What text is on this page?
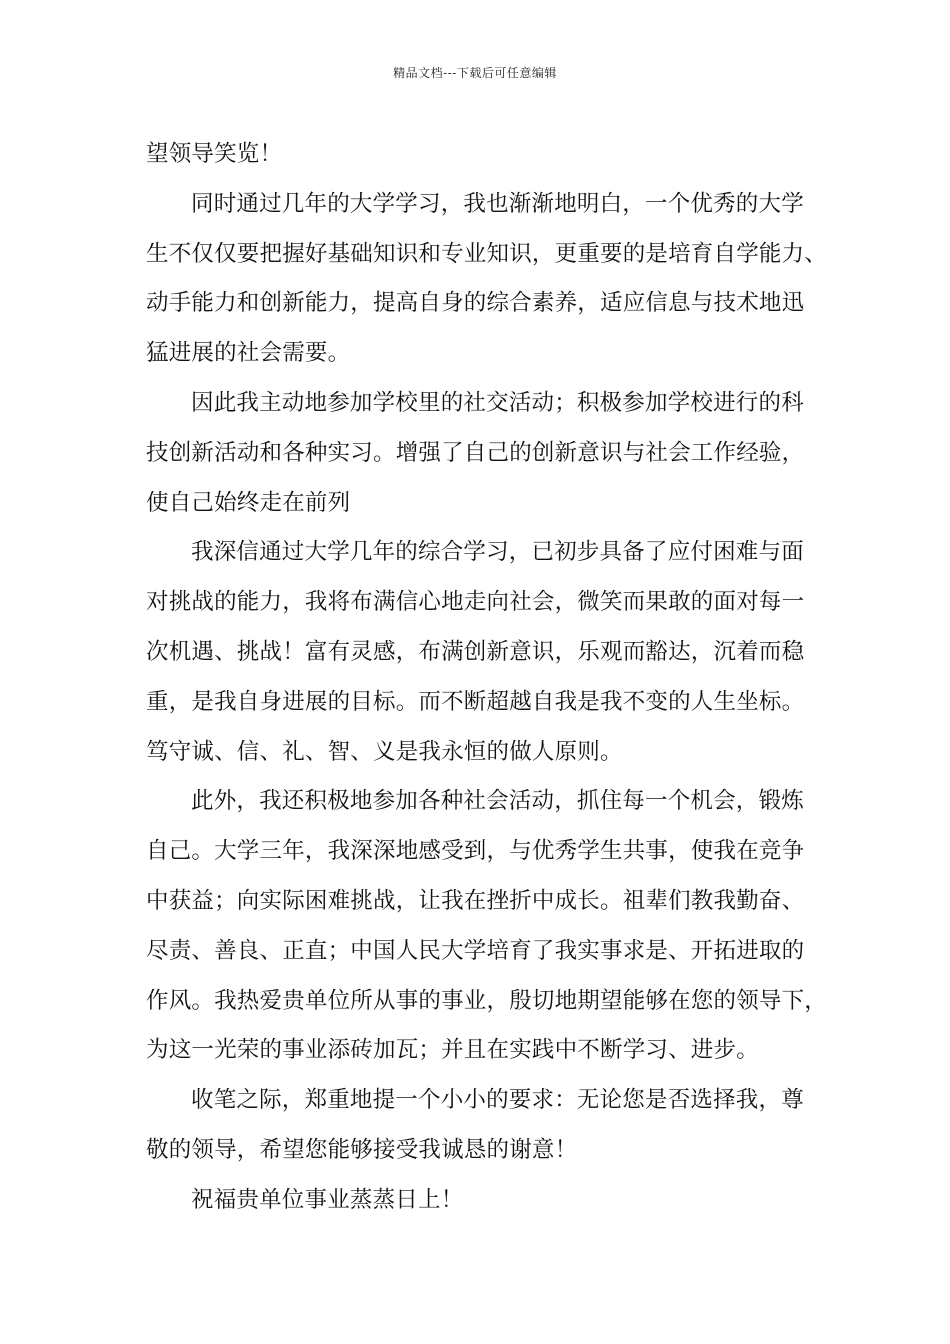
精品文档---下载后可任意编辑

望领导笑览！

同时通过几年的大学学习，我也渐渐地明白，一个优秀的大学
生不仅仅要把握好基础知识和专业知识，更重要的是培育自学能力、
动手能力和创新能力，提高自身的综合素养，适应信息与技术地迅
猛进展的社会需要。

因此我主动地参加学校里的社交活动；积极参加学校进行的科
技创新活动和各种实习。增强了自己的创新意识与社会工作经验，
使自己始终走在前列

我深信通过大学几年的综合学习，已初步具备了应付困难与面
对挑战的能力，我将布满信心地走向社会，微笑而果敢的面对每一
次机遇、挑战！富有灵感，布满创新意识，乐观而豁达，沉着而稳
重，是我自身进展的目标。而不断超越自我是我不变的人生坐标。
笃守诚、信、礼、智、义是我永恒的做人原则。

此外，我还积极地参加各种社会活动，抓住每一个机会，锻炼
自己。大学三年，我深深地感受到，与优秀学生共事，使我在竞争
中获益；向实际困难挑战，让我在挫折中成长。祖辈们教我勤奋、
尽责、善良、正直；中国人民大学培育了我实事求是、开拓进取的
作风。我热爱贵单位所从事的事业，殷切地期望能够在您的领导下，
为这一光荣的事业添砖加瓦；并且在实践中不断学习、进步。

收笔之际，郑重地提一个小小的要求：无论您是否选择我，尊
敬的领导，希望您能够接受我诚恳的谢意！

祝福贵单位事业蒸蒸日上！
